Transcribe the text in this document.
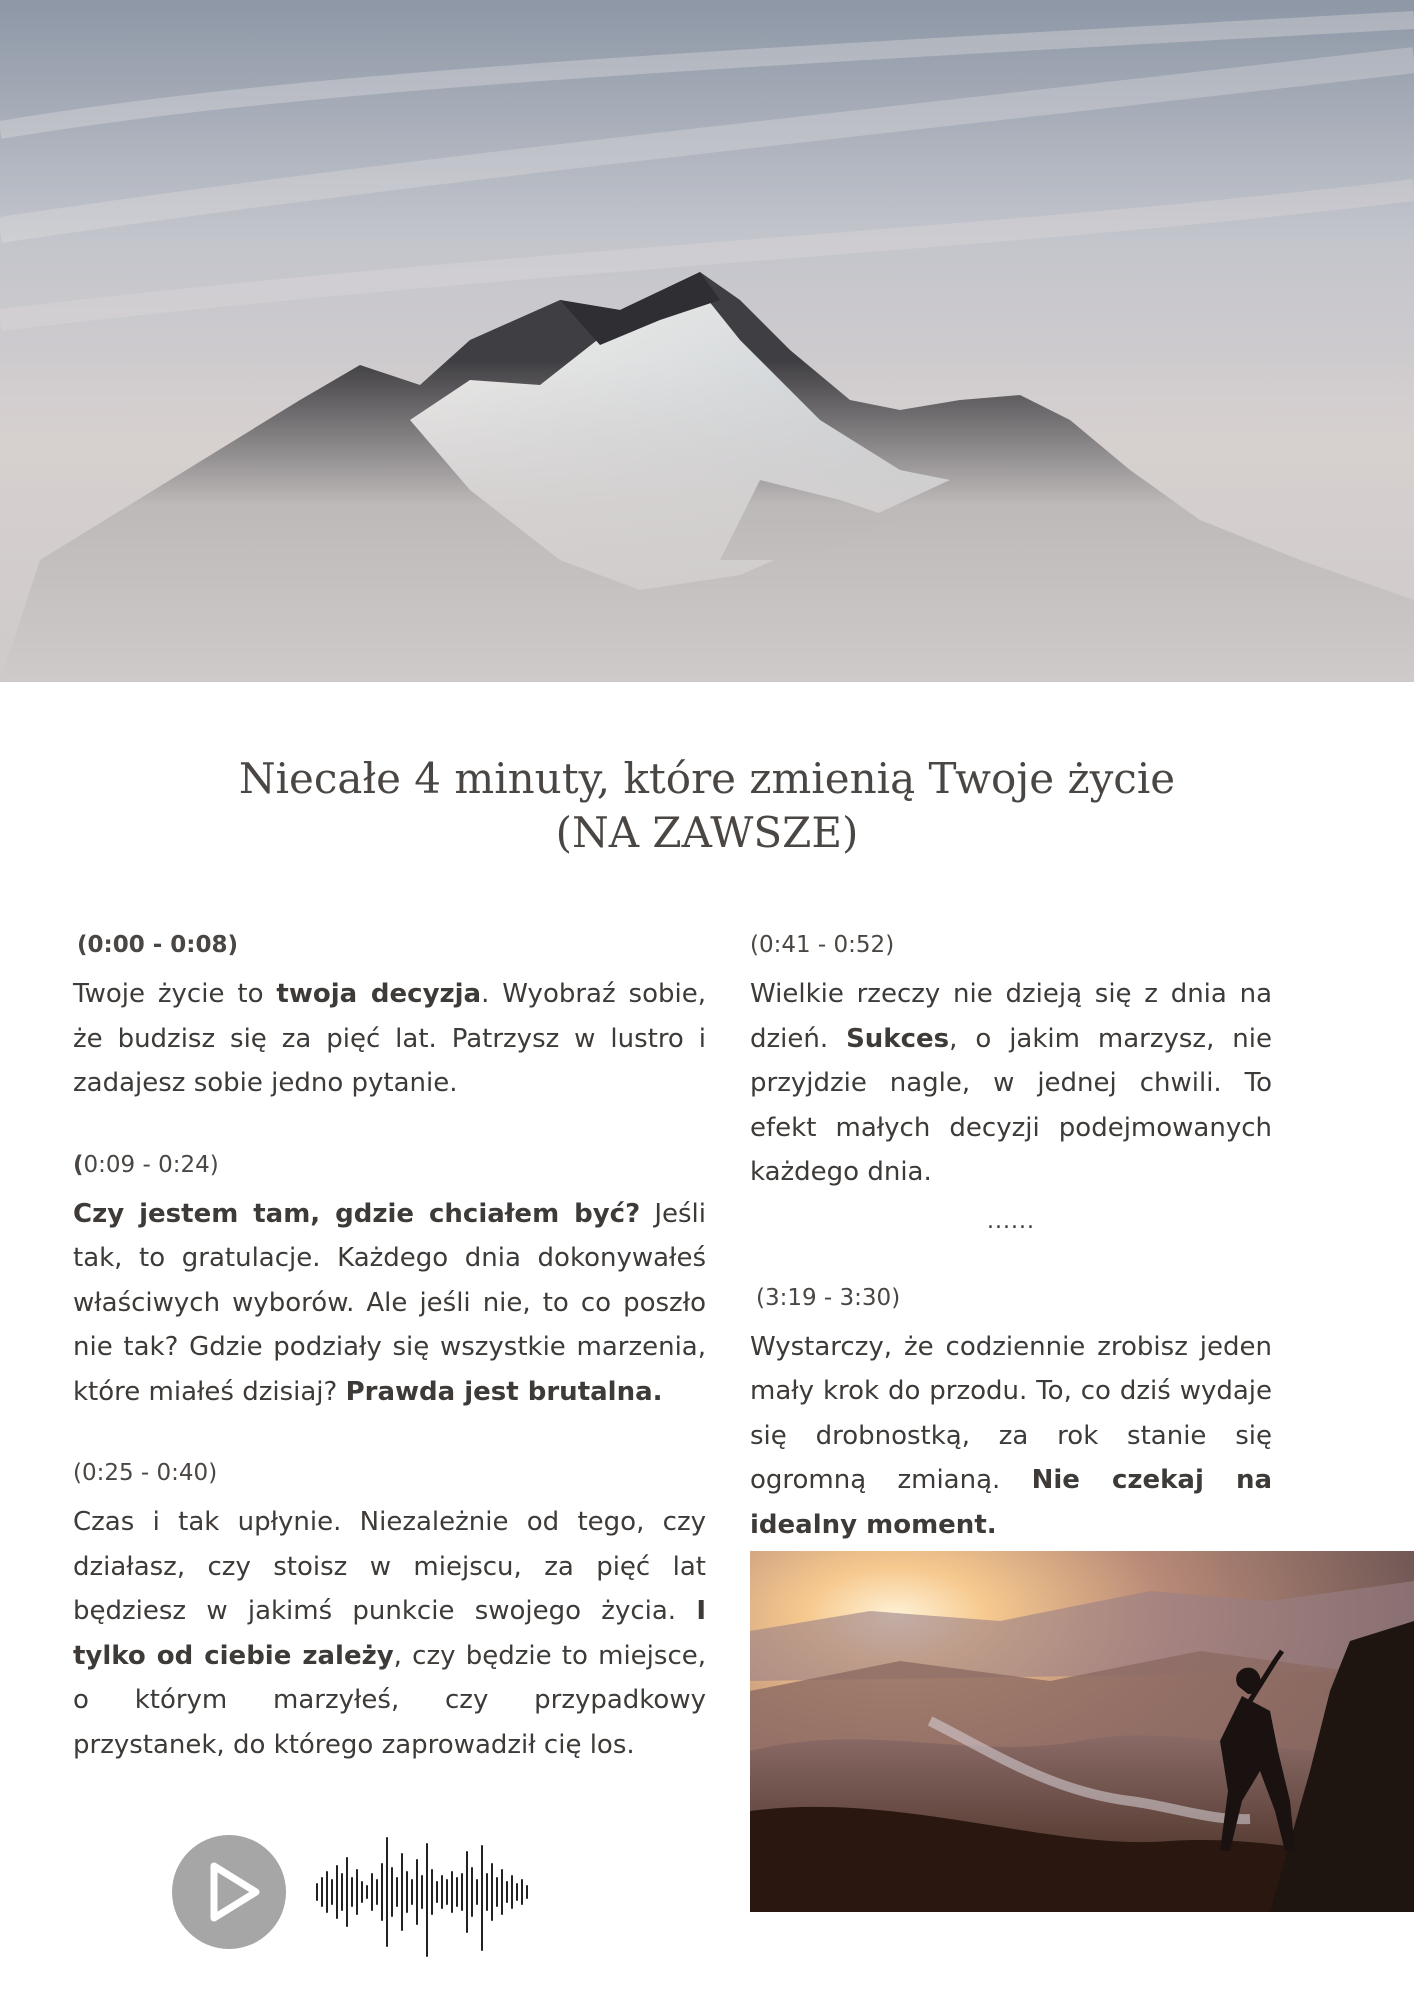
Niecałe 4 minuty, które zmienią Twoje życie
(NA ZAWSZE)
(0:00 - 0:08)

Twoje życie to twoja decyzja. Wyobraź sobie, że budzisz się za pięć lat. Patrzysz w lustro i zadajesz sobie jedno pytanie.

(0:09 - 0:24)

Czy jestem tam, gdzie chciałem być? Jeśli tak, to gratulacje. Każdego dnia dokonywałeś właściwych wyborów. Ale jeśli nie, to co poszło nie tak? Gdzie podziały się wszystkie marzenia, które miałeś dzisiaj? Prawda jest brutalna.

(0:25 - 0:40)

Czas i tak upłynie. Niezależnie od tego, czy działasz, czy stoisz w miejscu, za pięć lat będziesz w jakimś punkcie swojego życia. I tylko od ciebie zależy, czy będzie to miejsce, o którym marzyłeś, czy przypadkowy przystanek, do którego zaprowadził cię los.

(0:41 - 0:52)

Wielkie rzeczy nie dzieją się z dnia na dzień. Sukces, o jakim marzysz, nie przyjdzie nagle, w jednej chwili. To efekt małych decyzji podejmowanych każdego dnia.

......
(3:19 - 3:30)

Wystarczy, że codziennie zrobisz jeden mały krok do przodu. To, co dziś wydaje się drobnostką, za rok stanie się ogromną zmianą. Nie czekaj na idealny moment.
